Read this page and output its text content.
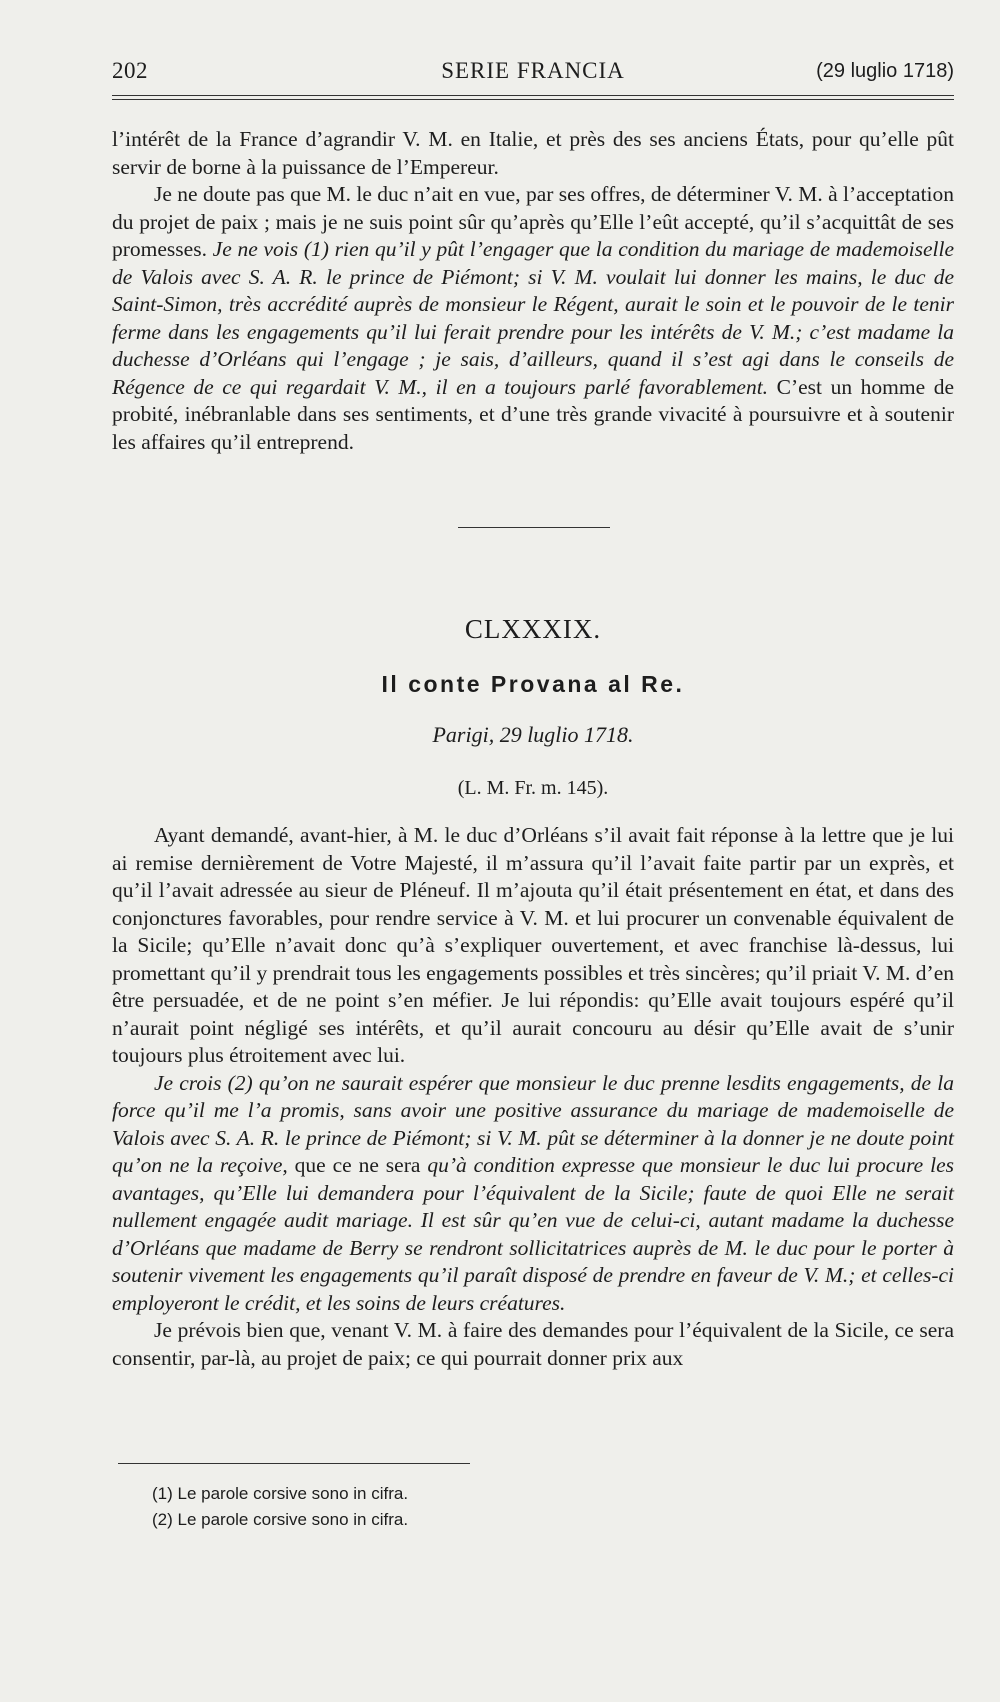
202	SERIE FRANCIA	(29 luglio 1718)

l’intérêt de la France d’agrandir V. M. en Italie, et près des ses anciens États, pour qu’elle pût servir de borne à la puissance de l’Empereur.

Je ne doute pas que M. le duc n’ait en vue, par ses offres, de déterminer V. M. à l’acceptation du projet de paix ; mais je ne suis point sûr qu’après qu’Elle l’eût accepté, qu’il s’acquittât de ses promesses. Je ne vois (1) rien qu’il y pût l’engager que la condition du mariage de mademoiselle de Valois avec S. A. R. le prince de Piémont; si V. M. voulait lui donner les mains, le duc de Saint-Simon, très accrédité auprès de monsieur le Régent, aurait le soin et le pouvoir de le tenir ferme dans les engagements qu’il lui ferait prendre pour les intérêts de V. M.; c’est madame la duchesse d’Orléans qui l’engage ; je sais, d’ailleurs, quand il s’est agi dans le conseils de Régence de ce qui regardait V. M., il en a toujours parlé favorablement. C’est un homme de probité, inébranlable dans ses sentiments, et d’une très grande vivacité à poursuivre et à soutenir les affaires qu’il entreprend.

CLXXXIX.
Il conte Provana al Re.
Parigi, 29 luglio 1718.
(L. M. Fr. m. 145).

Ayant demandé, avant-hier, à M. le duc d’Orléans s’il avait fait réponse à la lettre que je lui ai remise dernièrement de Votre Majesté, il m’assura qu’il l’avait faite partir par un exprès, et qu’il l’avait adressée au sieur de Pléneuf. Il m’ajouta qu’il était présentement en état, et dans des conjonctures favorables, pour rendre service à V. M. et lui procurer un convenable équivalent de la Sicile; qu’Elle n’avait donc qu’à s’expliquer ouvertement, et avec franchise là-dessus, lui promettant qu’il y prendrait tous les engagements possibles et très sincères; qu’il priait V. M. d’en être persuadée, et de ne point s’en méfier. Je lui répondis: qu’Elle avait toujours espéré qu’il n’aurait point négligé ses intérêts, et qu’il aurait concouru au désir qu’Elle avait de s’unir toujours plus étroitement avec lui.

Je crois (2) qu’on ne saurait espérer que monsieur le duc prenne lesdits engagements, de la force qu’il me l’a promis, sans avoir une positive assurance du mariage de mademoiselle de Valois avec S. A. R. le prince de Piémont; si V. M. pût se déterminer à la donner je ne doute point qu’on ne la reçoive, que ce ne sera qu’à condition expresse que monsieur le duc lui procure les avantages, qu’Elle lui demandera pour l’équivalent de la Sicile; faute de quoi Elle ne serait nullement engagée audit mariage. Il est sûr qu’en vue de celui-ci, autant madame la duchesse d’Orléans que madame de Berry se rendront sollicitatrices auprès de M. le duc pour le porter à soutenir vivement les engagements qu’il paraît disposé de prendre en faveur de V. M.; et celles-ci employeront le crédit, et les soins de leurs créatures.

Je prévois bien que, venant V. M. à faire des demandes pour l’équivalent de la Sicile, ce sera consentir, par-là, au projet de paix; ce qui pourrait donner prix aux

(1) Le parole corsive sono in cifra.
(2) Le parole corsive sono in cifra.
